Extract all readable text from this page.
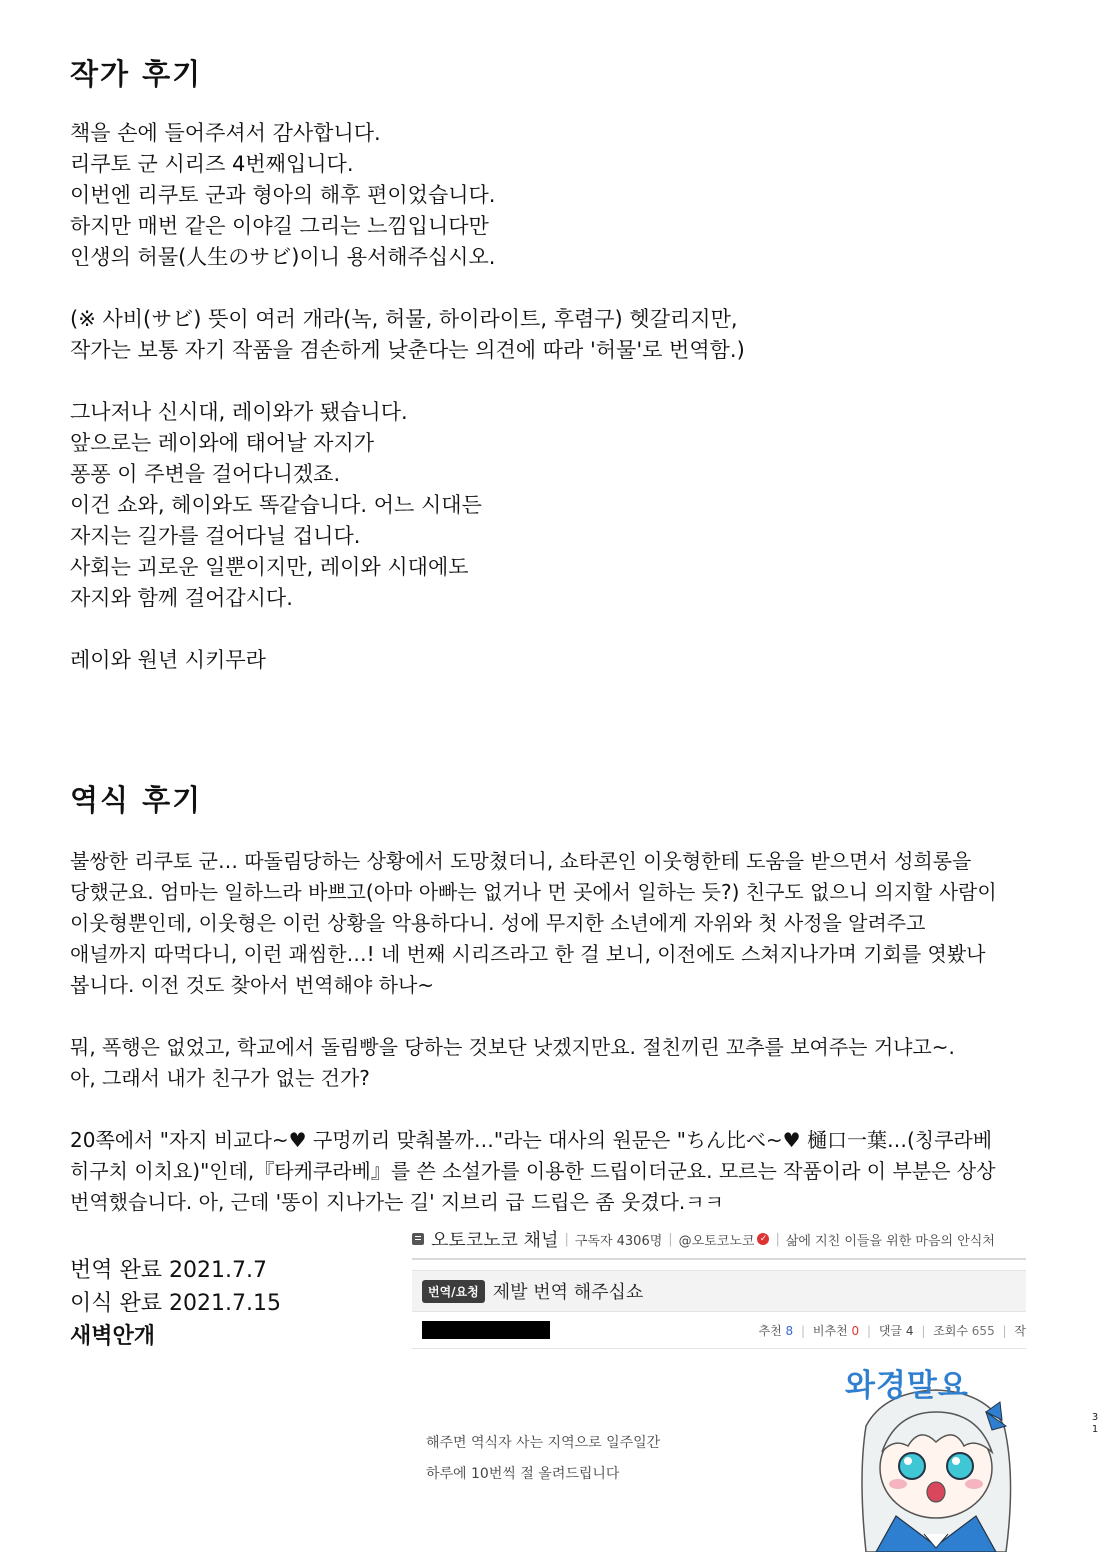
작가 후기
책을 손에 들어주셔서 감사합니다.
리쿠토 군 시리즈 4번째입니다.
이번엔 리쿠토 군과 형아의 해후 편이었습니다.
하지만 매번 같은 이야길 그리는 느낌입니다만
인생의 허물(人生のサビ)이니 용서해주십시오.
(※ 사비(サビ) 뜻이 여러 개라(녹, 허물, 하이라이트, 후렴구) 헷갈리지만,
작가는 보통 자기 작품을 겸손하게 낮춘다는 의견에 따라 '허물'로 번역함.)
그나저나 신시대, 레이와가 됐습니다.
앞으로는 레이와에 태어날 자지가
퐁퐁 이 주변을 걸어다니겠죠.
이건 쇼와, 헤이와도 똑같습니다. 어느 시대든
자지는 길가를 걸어다닐 겁니다.
사회는 괴로운 일뿐이지만, 레이와 시대에도
자지와 함께 걸어갑시다.
레이와 원년 시키무라
역식 후기
불쌍한 리쿠토 군… 따돌림당하는 상황에서 도망쳤더니, 쇼타콘인 이웃형한테 도움을 받으면서 성희롱을
당했군요. 엄마는 일하느라 바쁘고(아마 아빠는 없거나 먼 곳에서 일하는 듯?) 친구도 없으니 의지할 사람이
이웃형뿐인데, 이웃형은 이런 상황을 악용하다니. 성에 무지한 소년에게 자위와 첫 사정을 알려주고
애널까지 따먹다니, 이런 괘씸한…! 네 번째 시리즈라고 한 걸 보니, 이전에도 스쳐지나가며 기회를 엿봤나
봅니다. 이전 것도 찾아서 번역해야 하나~
뭐, 폭행은 없었고, 학교에서 돌림빵을 당하는 것보단 낫겠지만요. 절친끼린 꼬추를 보여주는 거냐고~.
아, 그래서 내가 친구가 없는 건가?
20쪽에서 "자지 비교다~♥ 구멍끼리 맞춰볼까…"라는 대사의 원문은 "ちん比べ~♥ 樋口一葉…(칭쿠라베
히구치 이치요)"인데,『타케쿠라베』를 쓴 소설가를 이용한 드립이더군요. 모르는 작품이라 이 부분은 상상
번역했습니다. 아, 근데 '똥이 지나가는 길' 지브리 급 드립은 좀 웃겼다.ㅋㅋ
번역 완료 2021.7.7
이식 완료 2021.7.15
새벽안개
오토코노코 채널 | 구독자 4306명 | @오토코노코 ✓ | 삶에 지친 이들을 위한 마음의 안식처
번역/요청 제발 번역 해주십쇼
추천 8 | 비추천 0 | 댓글 4 | 조회수 655 | 작
해주면 역식자 사는 지역으로 일주일간
하루에 10번씩 절 올려드립니다
와경말요
31
